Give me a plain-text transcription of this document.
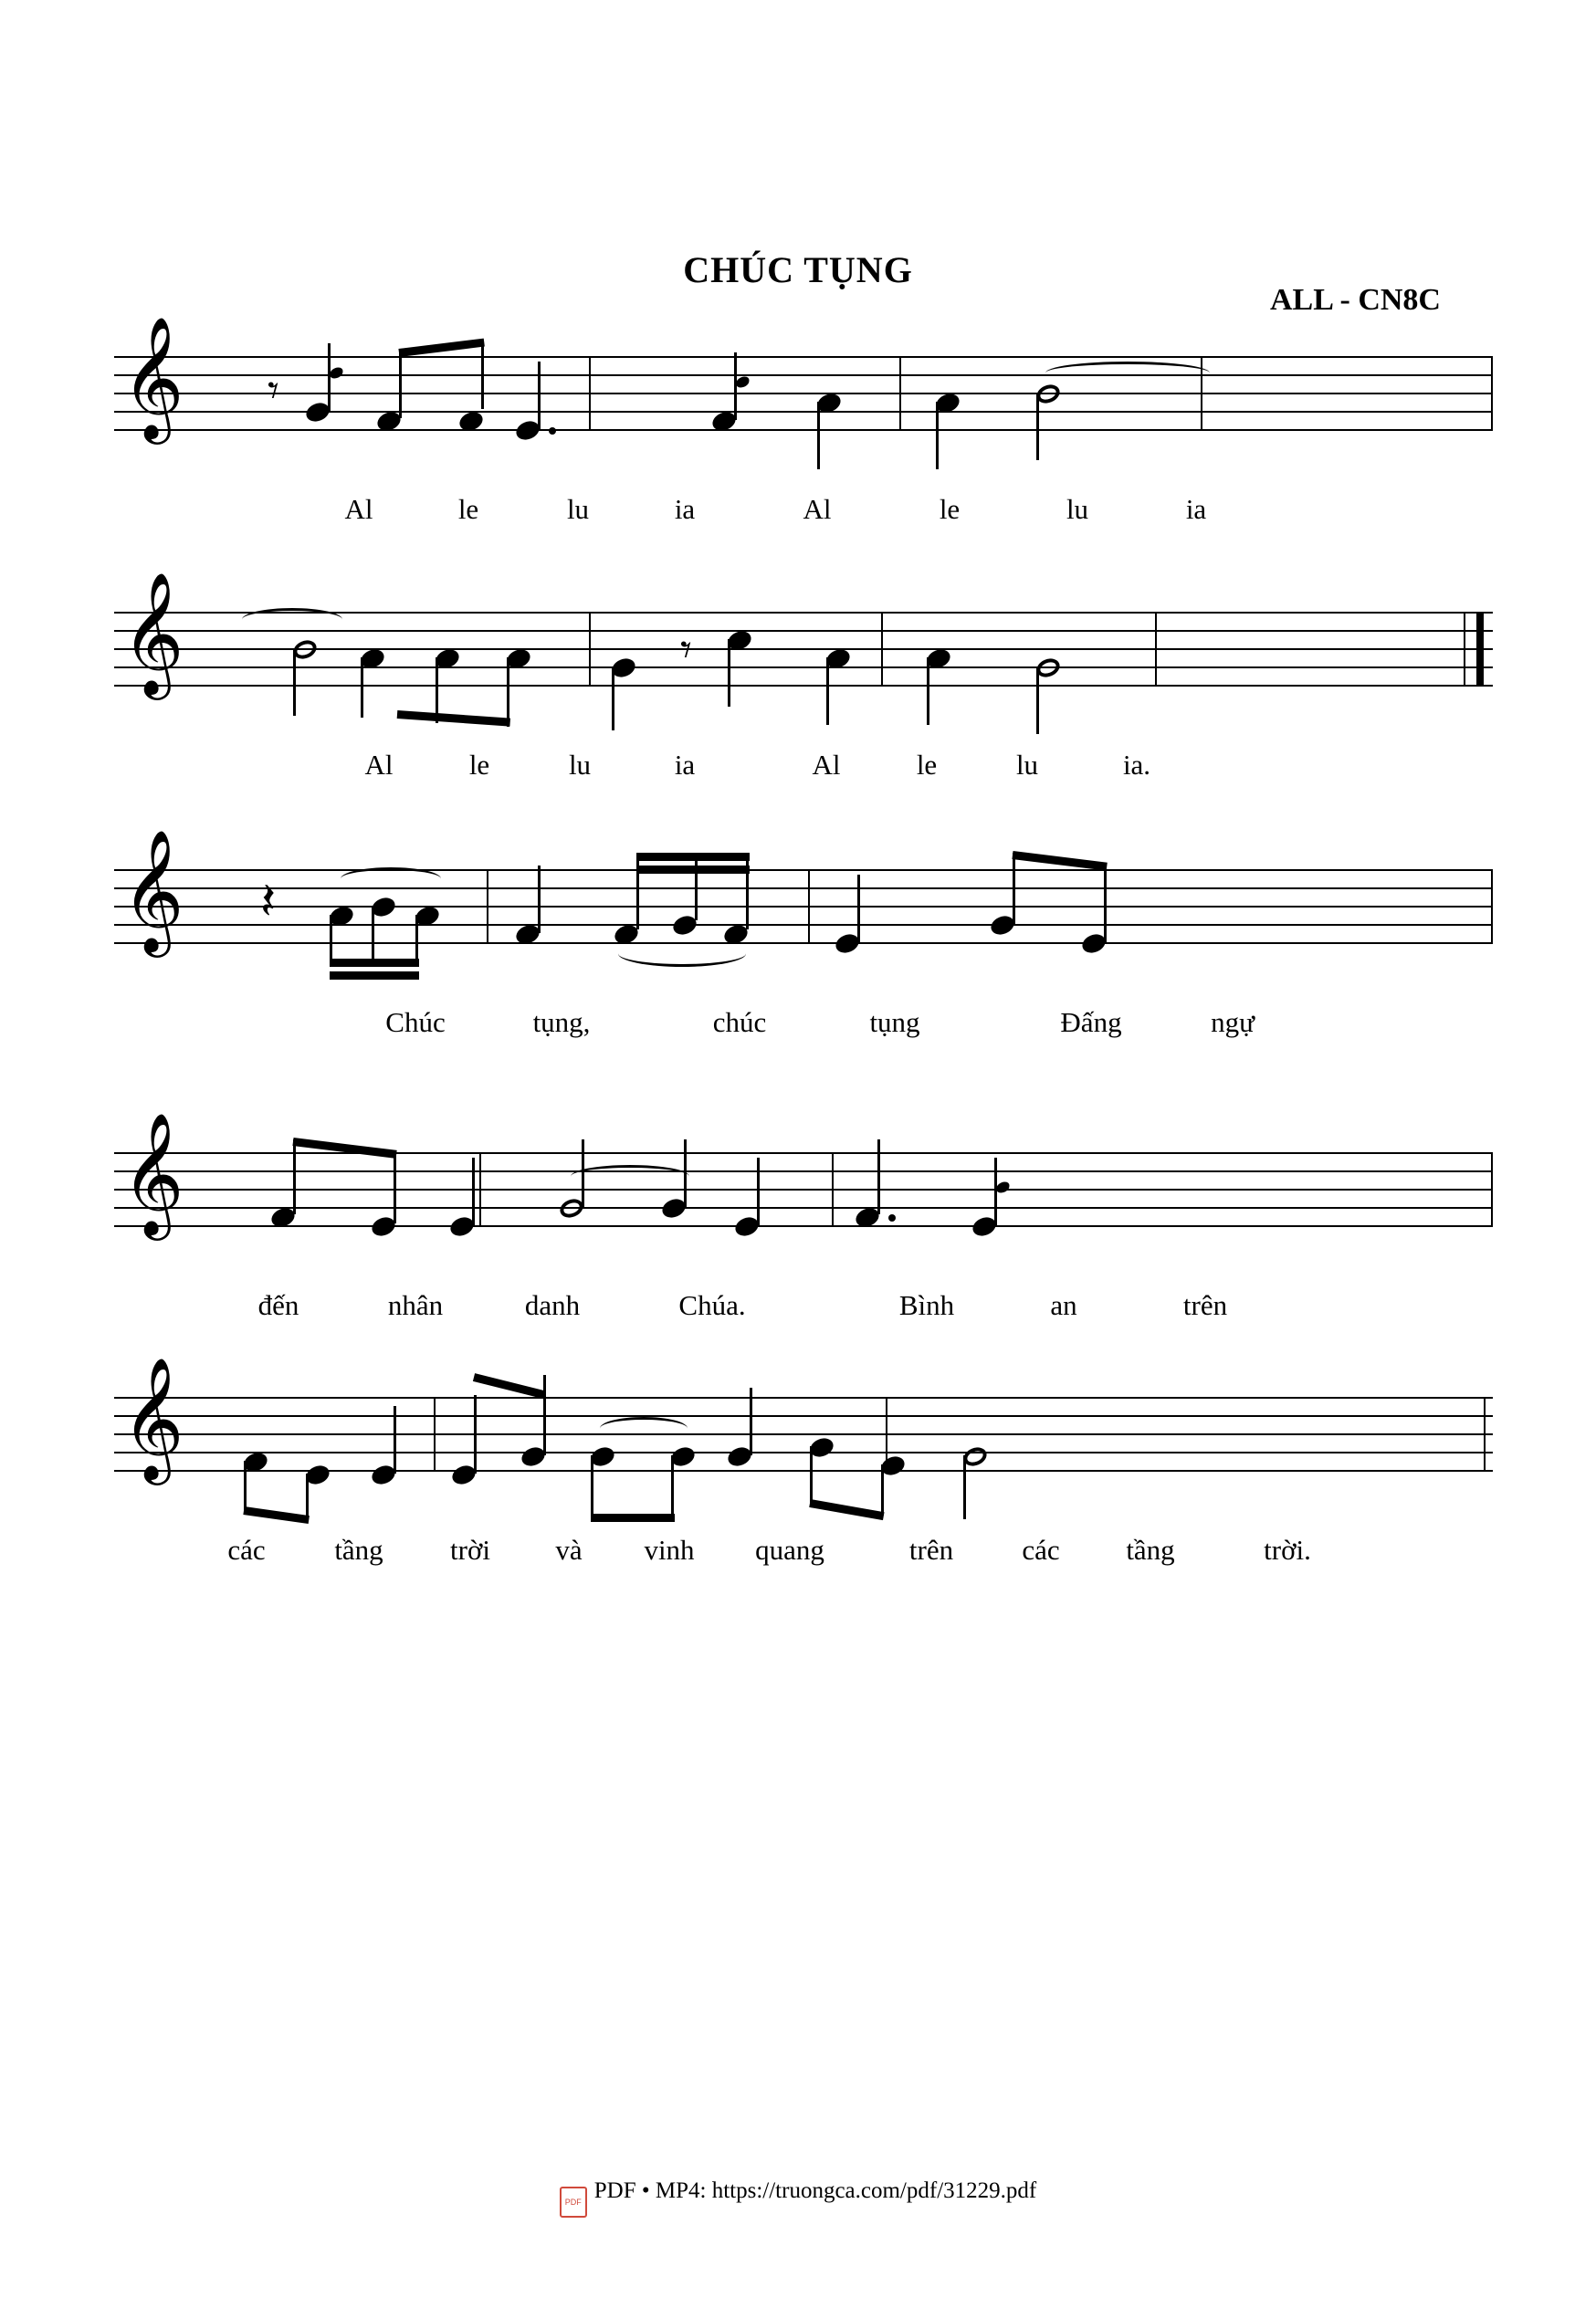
CHÚC TỤNG
ALL - CN8C
𝄞 𝄾 𝅘	𝅘
Al	le	lu	ia	Al	le	lu	ia
𝄞	𝄾
𝅙
Al	le	lu	ia	Al	le	lu	ia.
𝄞 𝄽
Chúc	tụng,	chúc	tụng	Đấng	ngự
𝄞	𝅘
đến	nhân	danh	Chúa.	Bình	an	trên
𝄞
các tầng trời và vinh quang	trên các tầng	trời.
PDF PDF • MP4: https://truongca.com/pdf/31229.pdf
